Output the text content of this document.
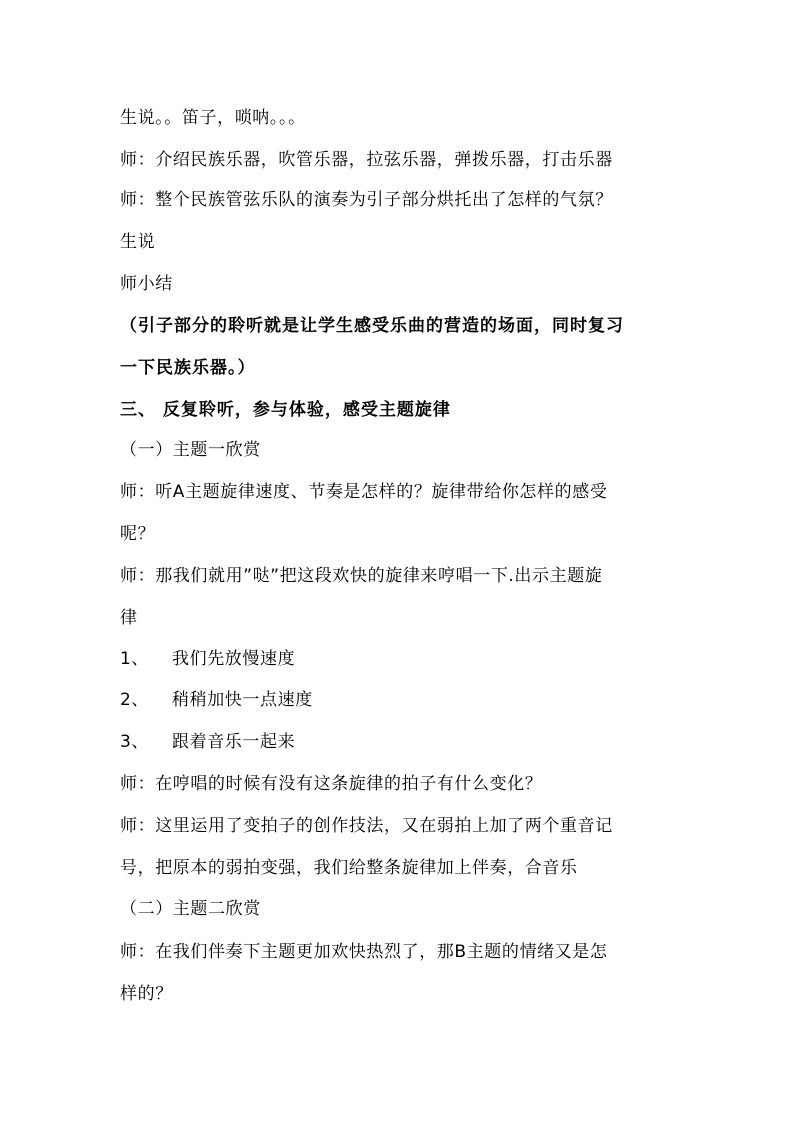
生说。。笛子，唢呐。。。
师：介绍民族乐器，吹管乐器，拉弦乐器，弹拨乐器，打击乐器
师：整个民族管弦乐队的演奏为引子部分烘托出了怎样的气氛？
生说
师小结
（引子部分的聆听就是让学生感受乐曲的营造的场面，同时复习
一下民族乐器。）
三、 反复聆听，参与体验，感受主题旋律
（一）主题一欣赏
师：听A主题旋律速度、节奏是怎样的？旋律带给你怎样的感受
呢？
师：那我们就用”哒”把这段欢快的旋律来哼唱一下.出示主题旋
律
1、 我们先放慢速度
2、 稍稍加快一点速度
3、 跟着音乐一起来
师：在哼唱的时候有没有这条旋律的拍子有什么变化？
师：这里运用了变拍子的创作技法，又在弱拍上加了两个重音记
号，把原本的弱拍变强，我们给整条旋律加上伴奏，合音乐
（二）主题二欣赏
师：在我们伴奏下主题更加欢快热烈了，那B主题的情绪又是怎
样的？
